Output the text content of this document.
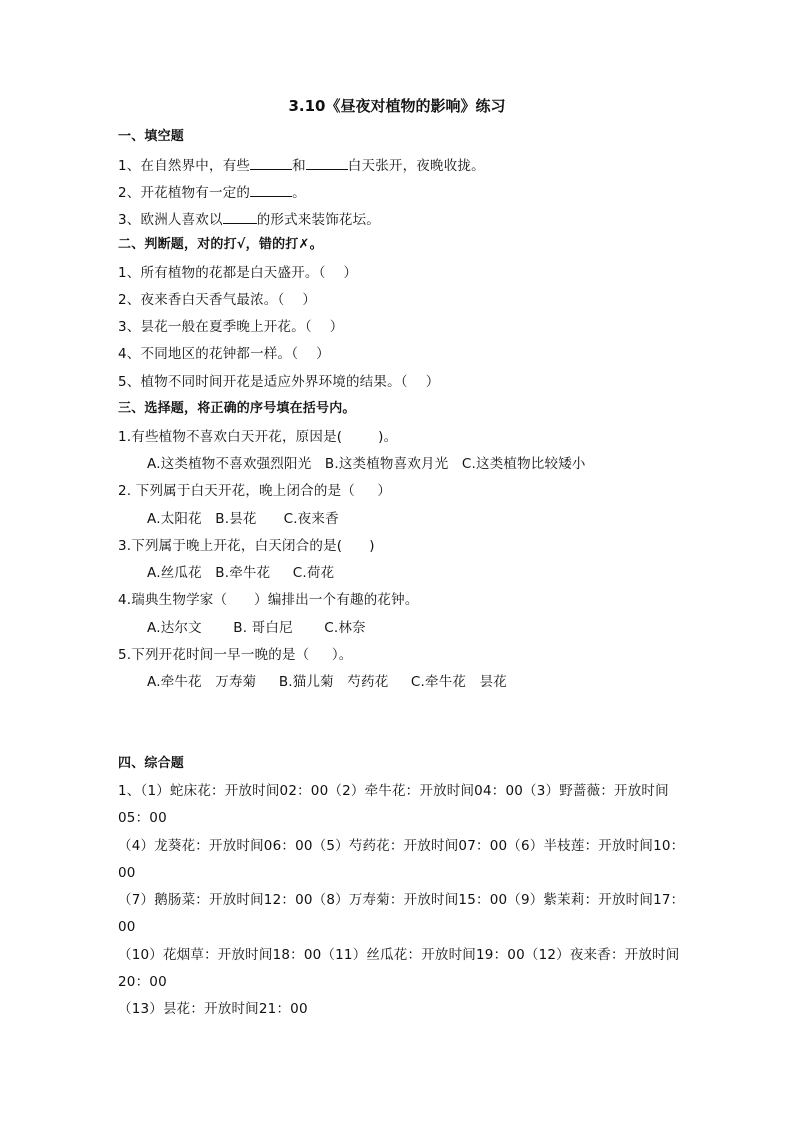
3.10《昼夜对植物的影响》练习
一、填空题
1、在自然界中，有些	和	白天张开，夜晚收拢。
2、开花植物有一定的	。
3、欧洲人喜欢以	的形式来装饰花坛。
二、判断题，对的打√，错的打✗。
1、所有植物的花都是白天盛开。（    ）
2、夜来香白天香气最浓。（    ）
3、昙花一般在夏季晚上开花。（    ）
4、不同地区的花钟都一样。（    ）
5、植物不同时间开花是适应外界环境的结果。（    ）
三、选择题，将正确的序号填在括号内。
1.有些植物不喜欢白天开花，原因是(        )。
A.这类植物不喜欢强烈阳光   B.这类植物喜欢月光   C.这类植物比较矮小
2. 下列属于白天开花，晚上闭合的是（     ）
A.太阳花   B.昙花      C.夜来香
3.下列属于晚上开花，白天闭合的是(      )
A.丝瓜花   B.牵牛花     C.荷花
4.瑞典生物学家（      ）编排出一个有趣的花钟。
A.达尔文       B. 哥白尼       C.林奈
5.下列开花时间一早一晚的是（     ）。
A.牵牛花   万寿菊     B.猫儿菊   芍药花     C.牵牛花   昙花
四、综合题
1、（1）蛇床花：开放时间02：00（2）牵牛花：开放时间04：00（3）野蔷薇：开放时间
05：00
（4）龙葵花：开放时间06：00（5）芍药花：开放时间07：00（6）半枝莲：开放时间10：
00
（7）鹅肠菜：开放时间12：00（8）万寿菊：开放时间15：00（9）紫茉莉：开放时间17：
00
（10）花烟草：开放时间18：00（11）丝瓜花：开放时间19：00（12）夜来香：开放时间
20：00
（13）昙花：开放时间21：00
